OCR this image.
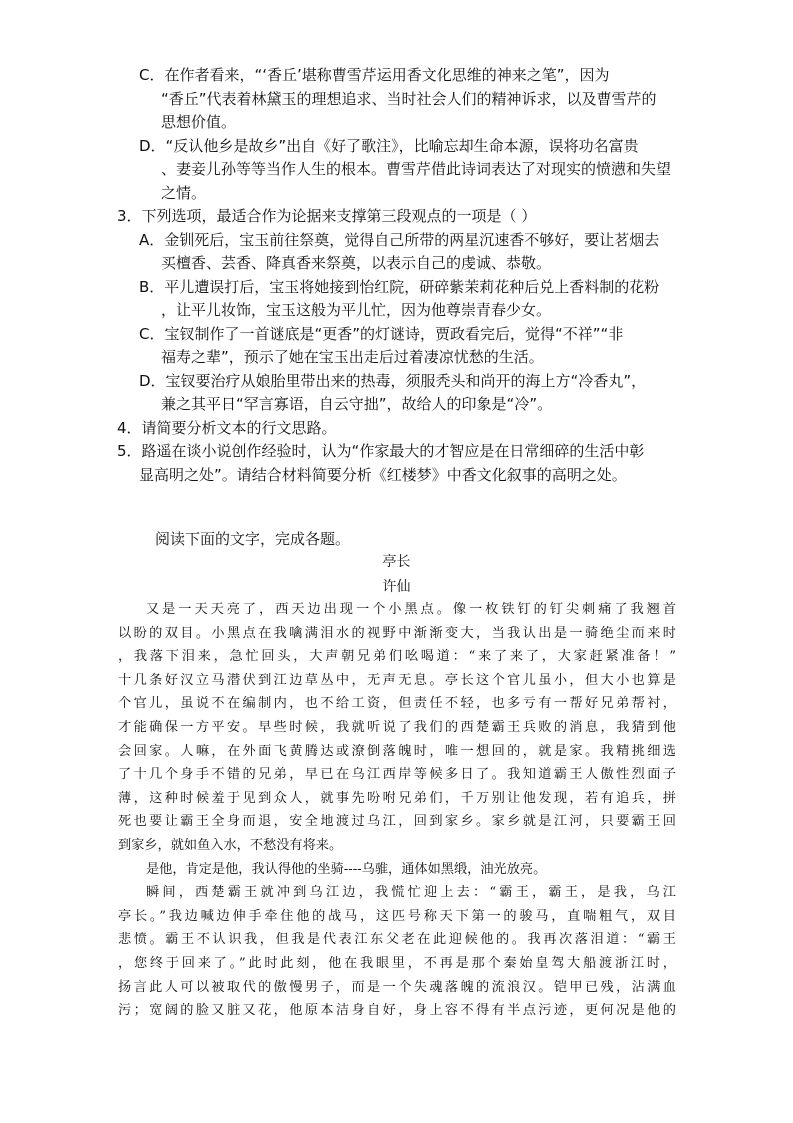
C．在作者看来，“‘香丘’堪称曹雪芹运用香文化思维的神来之笔”，因为
“香丘”代表着林黛玉的理想追求、当时社会人们的精神诉求，以及曹雪芹的
思想价值。
D．“反认他乡是故乡”出自《好了歌注》，比喻忘却生命本源，误将功名富贵
、妻妾儿孙等等当作人生的根本。曹雪芹借此诗词表达了对现实的愤懑和失望
之情。
3．下列选项，最适合作为论据来支撑第三段观点的一项是（ ）
A．金钏死后，宝玉前往祭奠，觉得自己所带的两星沉速香不够好，要让茗烟去
买檀香、芸香、降真香来祭奠，以表示自己的虔诚、恭敬。
B．平儿遭误打后，宝玉将她接到怡红院，研碎紫茉莉花种后兑上香料制的花粉
，让平儿妆饰，宝玉这般为平儿忙，因为他尊崇青春少女。
C．宝钗制作了一首谜底是“更香”的灯谜诗，贾政看完后，觉得“不祥”“非
福寿之辈”，预示了她在宝玉出走后过着凄凉忧愁的生活。
D．宝钗要治疗从娘胎里带出来的热毒，须服秃头和尚开的海上方“冷香丸”，
兼之其平日“罕言寡语，自云守拙”，故给人的印象是“冷”。
4．请简要分析文本的行文思路。
5．路遥在谈小说创作经验时，认为“作家最大的才智应是在日常细碎的生活中彰
显高明之处”。请结合材料简要分析《红楼梦》中香文化叙事的高明之处。
阅读下面的文字，完成各题。
亭长
许仙

又是一天天亮了，西天边出现一个小黑点。像一枚铁钉的钉尖刺痛了我翘首
以盼的双目。小黑点在我噙满泪水的视野中渐渐变大，当我认出是一骑绝尘而来时
，我落下泪来，急忙回头，大声朝兄弟们吆喝道：“来了来了，大家赶紧准备！”
十几条好汉立马潜伏到江边草丛中，无声无息。亭长这个官儿虽小，但大小也算是
个官儿，虽说不在编制内，也不给工资，但责任不轻，也多亏有一帮好兄弟帮衬，
才能确保一方平安。早些时候，我就听说了我们的西楚霸王兵败的消息，我猜到他
会回家。人嘛，在外面飞黄腾达或潦倒落魄时，唯一想回的，就是家。我精挑细选
了十几个身手不错的兄弟，早已在乌江西岸等候多日了。我知道霸王人傲性烈面子
薄，这种时候羞于见到众人，就事先吩咐兄弟们，千万别让他发现，若有追兵，拼
死也要让霸王全身而退，安全地渡过乌江，回到家乡。家乡就是江河，只要霸王回
到家乡，就如鱼入水，不愁没有将来。

是他，肯定是他，我认得他的坐骑----乌骓，通体如黑缎，油光放亮。

瞬间，西楚霸王就冲到乌江边，我慌忙迎上去：“霸王，霸王，是我，乌江
亭长。”我边喊边伸手牵住他的战马，这匹号称天下第一的骏马，直喘粗气，双目
悲愤。霸王不认识我，但我是代表江东父老在此迎候他的。我再次落泪道：“霸王
，您终于回来了。”此时此刻，他在我眼里，不再是那个秦始皇驾大船渡浙江时，
扬言此人可以被取代的傲慢男子，而是一个失魂落魄的流浪汉。铠甲已残，沾满血
污；宽阔的脸又脏又花，他原本洁身自好，身上容不得有半点污迹，更何况是他的
